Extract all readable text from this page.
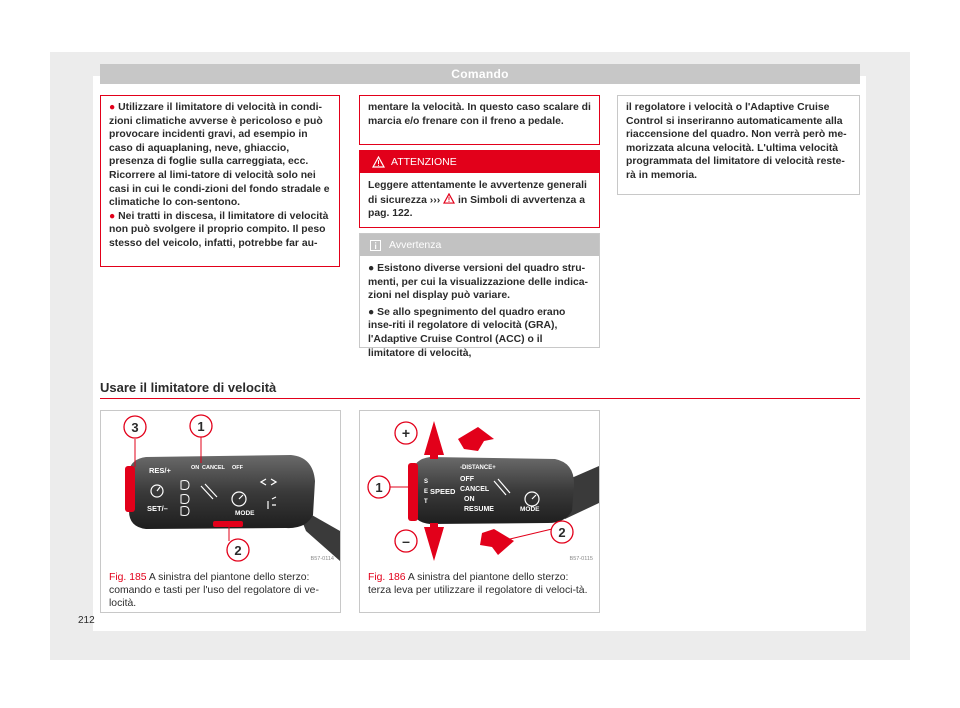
Comando

● Utilizzare il limitatore di velocità in condi-zioni climatiche avverse è pericoloso e può provocare incidenti gravi, ad esempio in caso di aquaplaning, neve, ghiaccio, presenza di foglie sulla carreggiata, ecc. Ricorrere al limi-tatore di velocità solo nei casi in cui le condi-zioni del fondo stradale e climatiche lo con-sentono.

● Nei tratti in discesa, il limitatore di velocità non può svolgere il proprio compito. Il peso stesso del veicolo, infatti, potrebbe far au-

mentare la velocità. In questo caso scalare di marcia e/o frenare con il freno a pedale.

ATTENZIONE
Leggere attentamente le avvertenze generali di sicurezza ››› in Simboli di avvertenza a pag. 122.
Avvertenza

● Esistono diverse versioni del quadro stru-menti, per cui la visualizzazione delle indica-zioni nel display può variare.

● Se allo spegnimento del quadro erano inse-riti il regolatore di velocità (GRA), l'Adaptive Cruise Control (ACC) o il limitatore di velocità,

il regolatore i velocità o l'Adaptive Cruise Control si inseriranno automaticamente alla riaccensione del quadro. Non verrà però me-morizzata alcuna velocità. L'ultima velocità programmata del limitatore di velocità reste-rà in memoria.

Usare il limitatore di velocità
RES/+	ON CANCEL OFF
SET/–
MODE
3	1
2
B57-0114
Fig. 185 A sinistra del piantone dello sterzo: comando e tasti per l'uso del regolatore di ve-locità.
-DISTANCE+
S
E
T
SPEED
OFF
CANCEL
ON
RESUME	MODE
+
1
–
2
B57-0115
Fig. 186 A sinistra del piantone dello sterzo: terza leva per utilizzare il regolatore di veloci-tà.
212
